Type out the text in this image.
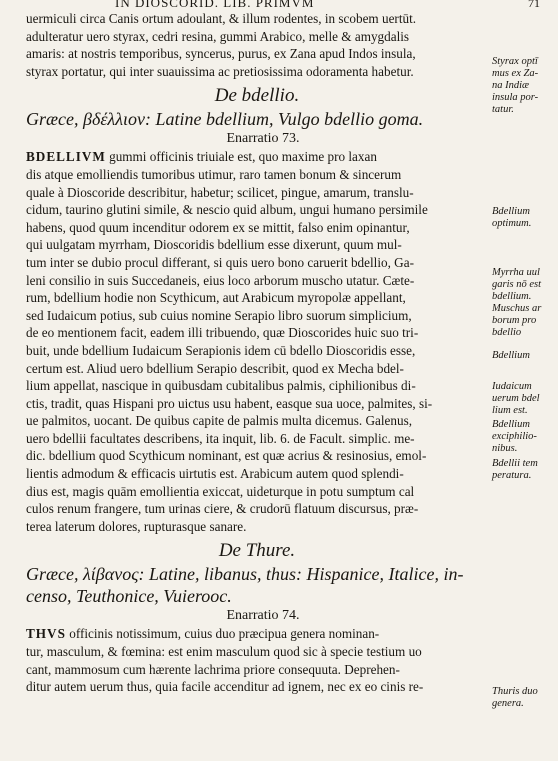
IN DIOSCORID. LIB. PRIMVM	71
uermiculi circa Canis ortum adoulant, & illum rodentes, in scobem uertūt.
adulteratur uero styrax, cedri resina, gummi Arabico, melle & amygdalis
amaris: at nostris temporibus, syncerus, purus, ex Zana apud Indos insula,
styrax portatur, qui inter suauissima ac pretiosissima odoramenta habetur.
De bdellio.
Græce, βδέλλιον: Latine bdellium, Vulgo bdellio goma.
Enarratio 73.
BDELLIVM gummi officinis triuiale est, quo maxime pro laxan
dis atque emolliendis tumoribus utimur, raro tamen bonum & sincerum
quale à Dioscoride describitur, habetur; scilicet, pingue, amarum, translu-
cidum, taurino glutini simile, & nescio quid album, ungui humano persimile
habens, quod quum incenditur odorem ex se mittit, falso enim opinantur,
qui uulgatam myrrham, Dioscoridis bdellium esse dixerunt, quum mul-
tum inter se dubio procul differant, si quis uero bono caruerit bdellio, Ga-
leni consilio in suis Succedaneis, eius loco arborum muscho utatur. Cæte-
rum, bdellium hodie non Scythicum, aut Arabicum myropolæ appellant,
sed Iudaicum potius, sub cuius nomine Serapio libro suorum simplicium,
de eo mentionem facit, eadem illi tribuendo, quæ Dioscorides huic suo tri-
buit, unde bdellium Iudaicum Serapionis idem cū bdello Dioscoridis esse,
certum est. Aliud uero bdellium Serapio describit, quod ex Mecha bdel-
lium appellat, nascique in quibusdam cubitalibus palmis, ciphilionibus di-
ctis, tradit, quas Hispani pro uictus usu habent, easque sua uoce, palmites, si-
ue palmitos, uocant. De quibus capite de palmis multa dicemus. Galenus,
uero bdellii facultates describens, ita inquit, lib. 6. de Facult. simplic. me-
dic. bdellium quod Scythicum nominant, est quæ acrius & resinosius, emol-
lientis admodum & efficacis uirtutis est. Arabicum autem quod splendi-
dius est, magis quām emollientia exiccat, uideturque in potu sumptum cal
culos renum frangere, tum urinas ciere, & crudorū flatuum discursus, præ-
terea laterum dolores, rupturasque sanare.
De Thure.
Græce, λίβανος: Latine, libanus, thus: Hispanice, Italice, in-
censo, Teuthonice, Vuierooc.
Enarratio 74.
THVS officinis notissimum, cuius duo præcipua genera nominan-
tur, masculum, & fœmina: est enim masculum quod sic à specie testium uo
cant, mammosum cum hærente lachrima priore consequuta. Deprehen-
ditur autem uerum thus, quia facile accenditur ad ignem, nec ex eo cinis re-
Styrax optī
mus ex Za-
na Indiæ
insula por-
tatur.
Bdellium
optimum.
Myrrha uul
garis nō est
bdellium.
Muschus ar
borum pro
bdellio
Bdellium
Iudaicum
uerum bdel
lium est.
Bdellium
exciphilio-
nibus.
Bdellii tem
peratura.
Thuris duo
genera.
